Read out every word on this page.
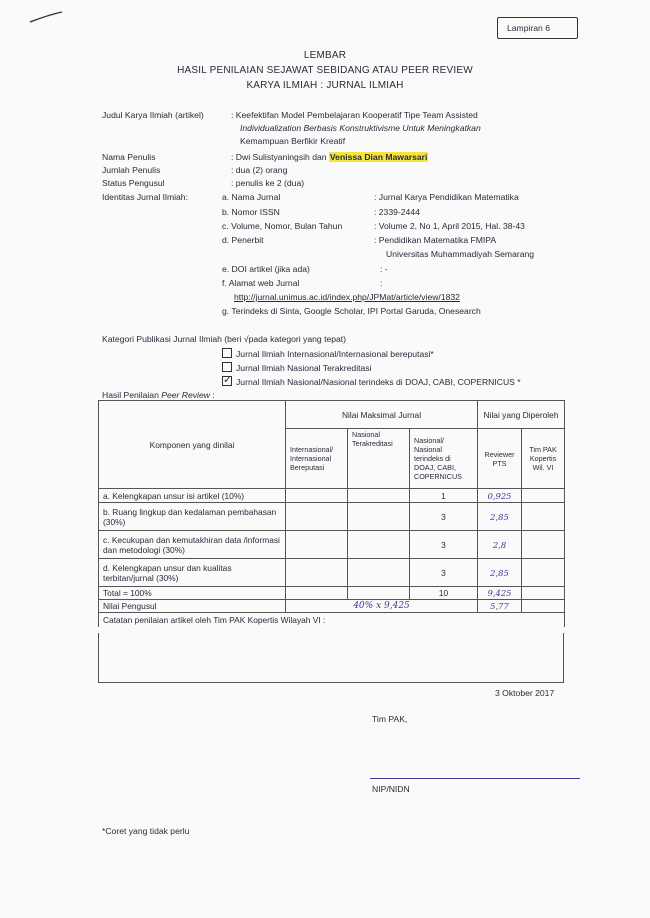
Lampiran 6
LEMBAR
HASIL PENILAIAN SEJAWAT SEBIDANG ATAU PEER REVIEW
KARYA ILMIAH : JURNAL ILMIAH
Judul Karya Ilmiah (artikel)	: Keefektifan Model Pembelajaran Kooperatif Tipe Team Assisted
Individualization Berbasis Konstruktivisme Untuk Meningkatkan
Kemampuan Berfikir Kreatif
Nama Penulis	: Dwi Sulistyaningsih dan Venissa Dian Mawarsari
Jumlah Penulis	: dua (2) orang
Status Pengusul	: penulis ke 2 (dua)
Identitas Jurnal Ilmiah:	a. Nama Jurnal	: Jurnal Karya Pendidikan Matematika
b. Nomor ISSN	: 2339-2444
c. Volume, Nomor, Bulan Tahun	: Volume 2, No 1, April 2015, Hal. 38-43
d. Penerbit	: Pendidikan Matematika FMIPA
Universitas Muhammadiyah Semarang
e. DOI artikel (jika ada)	: -
f. Alamat web Jurnal	:
http://jurnal.unimus.ac.id/index.php/JPMat/article/view/1832
g. Terindeks di Sinta, Google Scholar, IPI Portal Garuda, Onesearch
Kategori Publikasi Jurnal Ilmiah (beri √pada kategori yang tepat)
Jurnal Ilmiah Internasional/Internasional bereputasi*
Jurnal Ilmiah Nasional Terakreditasi
✓Jurnal Ilmiah Nasional/Nasional terindeks di DOAJ, CABI, COPERNICUS *
Hasil Penilaian Peer Review :
Komponen yang dinilai	Nilai Maksimal Jurnal			Nilai yang Diperoleh	
	Internasional/ Internasional Bereputasi	Nasional Terakreditasi	Nasional/ Nasional terindeks di DOAJ, CABI, COPERNICUS	Reviewer PTS	Tim PAK Kopertis Wil. VI
a. Kelengkapan unsur isi artikel (10%)			1	0,925	
b. Ruang lingkup dan kedalaman pembahasan (30%)			3	2,85	
c. Kecukupan dan kemutakhiran data /informasi dan metodologi (30%)			3	2,8	
d. Kelengkapan unsur dan kualitas terbitan/jurnal (30%)			3	2,85	
Total = 100%			10	9,425	
Nilai Pengusul	40% x 9,425			5,77	
Catatan penilaian artikel oleh Tim PAK Kopertis Wilayah VI :					
3 Oktober 2017
Tim PAK,
NIP/NIDN
*Coret yang tidak perlu
